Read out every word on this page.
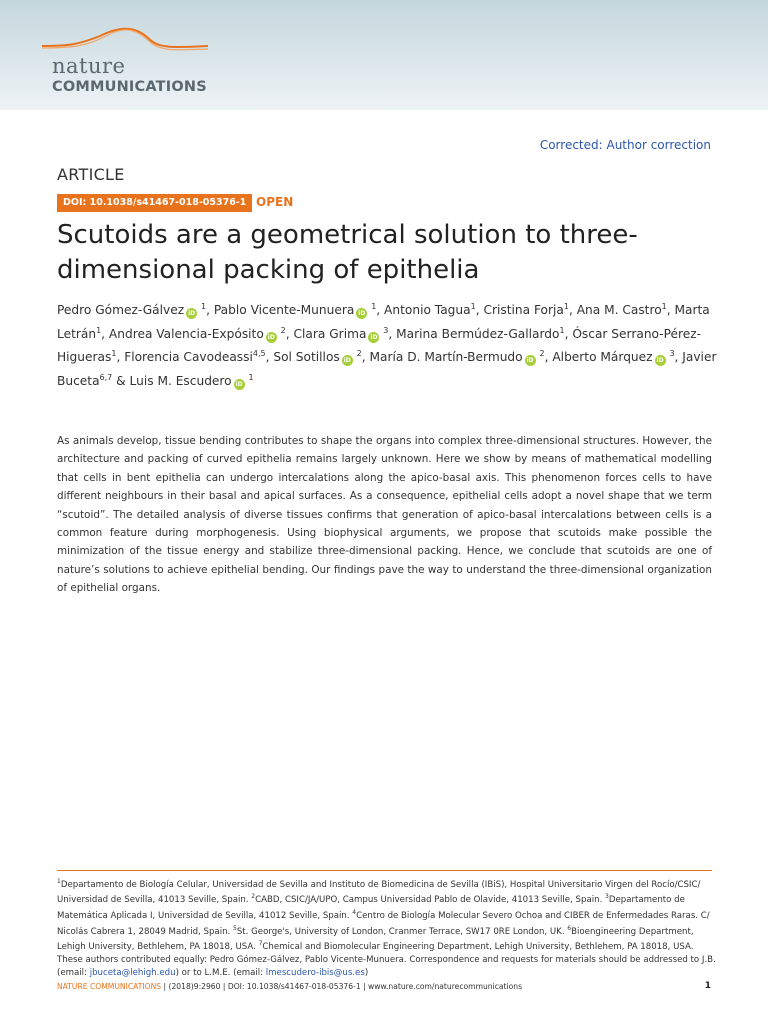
nature
COMMUNICATIONS
Corrected: Author correction
ARTICLE
DOI: 10.1038/s41467-018-05376-1 OPEN
Scutoids are a geometrical solution to three-dimensional packing of epithelia
Pedro Gómez-Gálvez iD $^1$, Pablo Vicente-Munuera iD $^1$, Antonio Tagua$^1$, Cristina Forja$^1$, Ana M. Castro$^1$, Marta Letrán$^1$, Andrea Valencia-Expósito iD $^2$, Clara Grima iD $^3$, Marina Bermúdez-Gallardo$^1$, Óscar Serrano-Pérez-Higueras$^1$, Florencia Cavodeassi$^{4,5}$, Sol Sotillos iD $^2$, María D. Martín-Bermudo iD $^2$, Alberto Márquez iD $^3$, Javier Buceta$^{6,7}$ & Luis M. Escudero iD $^1$
As animals develop, tissue bending contributes to shape the organs into complex three-dimensional structures. However, the architecture and packing of curved epithelia remains largely unknown. Here we show by means of mathematical modelling that cells in bent epithelia can undergo intercalations along the apico-basal axis. This phenomenon forces cells to have different neighbours in their basal and apical surfaces. As a consequence, epithelial cells adopt a novel shape that we term “scutoid”. The detailed analysis of diverse tissues confirms that generation of apico-basal intercalations between cells is a common feature during morphogenesis. Using biophysical arguments, we propose that scutoids make possible the minimization of the tissue energy and stabilize three-dimensional packing. Hence, we conclude that scutoids are one of nature’s solutions to achieve epithelial bending. Our findings pave the way to understand the three-dimensional organization of epithelial organs.
$^1$Departamento de Biología Celular, Universidad de Sevilla and Instituto de Biomedicina de Sevilla (IBiS), Hospital Universitario Virgen del Rocío/CSIC/ Universidad de Sevilla, 41013 Seville, Spain. $^2$CABD, CSIC/JA/UPO, Campus Universidad Pablo de Olavide, 41013 Seville, Spain. $^3$Departamento de Matemática Aplicada I, Universidad de Sevilla, 41012 Seville, Spain. $^4$Centro de Biología Molecular Severo Ochoa and CIBER de Enfermedades Raras. C/ Nicolás Cabrera 1, 28049 Madrid, Spain. $^5$St. George's, University of London, Cranmer Terrace, SW17 0RE London, UK. $^6$Bioengineering Department, Lehigh University, Bethlehem, PA 18018, USA. $^7$Chemical and Biomolecular Engineering Department, Lehigh University, Bethlehem, PA 18018, USA. These authors contributed equally: Pedro Gómez-Gálvez, Pablo Vicente-Munuera. Correspondence and requests for materials should be addressed to J.B. (email: jbuceta@lehigh.edu) or to L.M.E. (email: lmescudero-ibis@us.es)
NATURE COMMUNICATIONS | (2018)9:2960 | DOI: 10.1038/s41467-018-05376-1 | www.nature.com/naturecommunications	1
